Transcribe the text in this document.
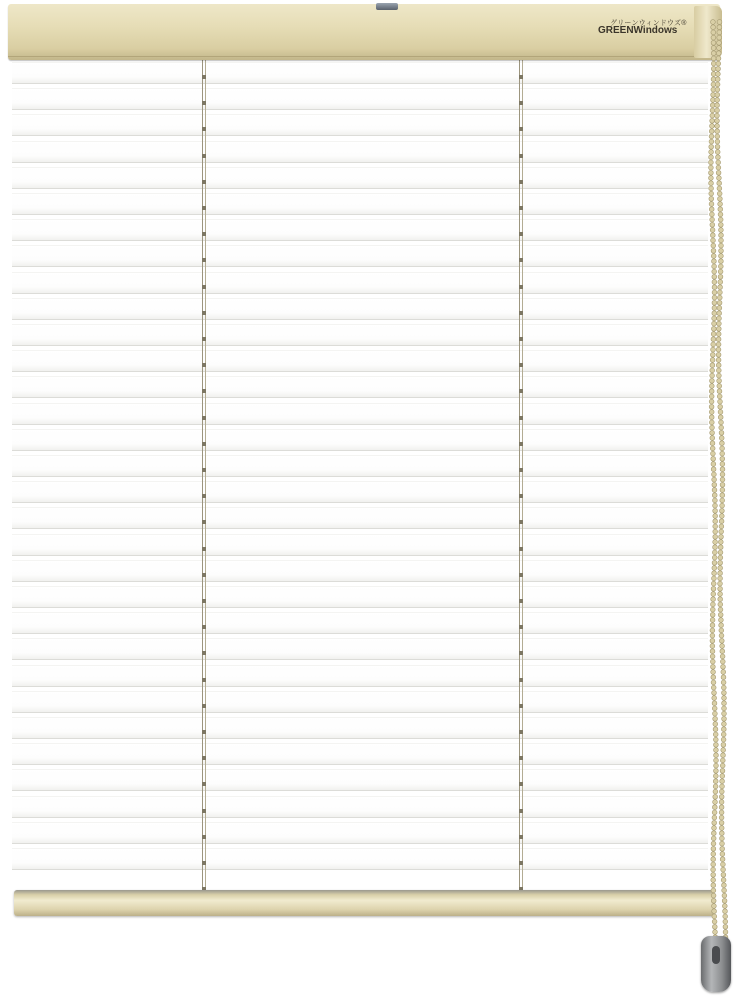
グリーンウィンドウズ®
GREENWindows
